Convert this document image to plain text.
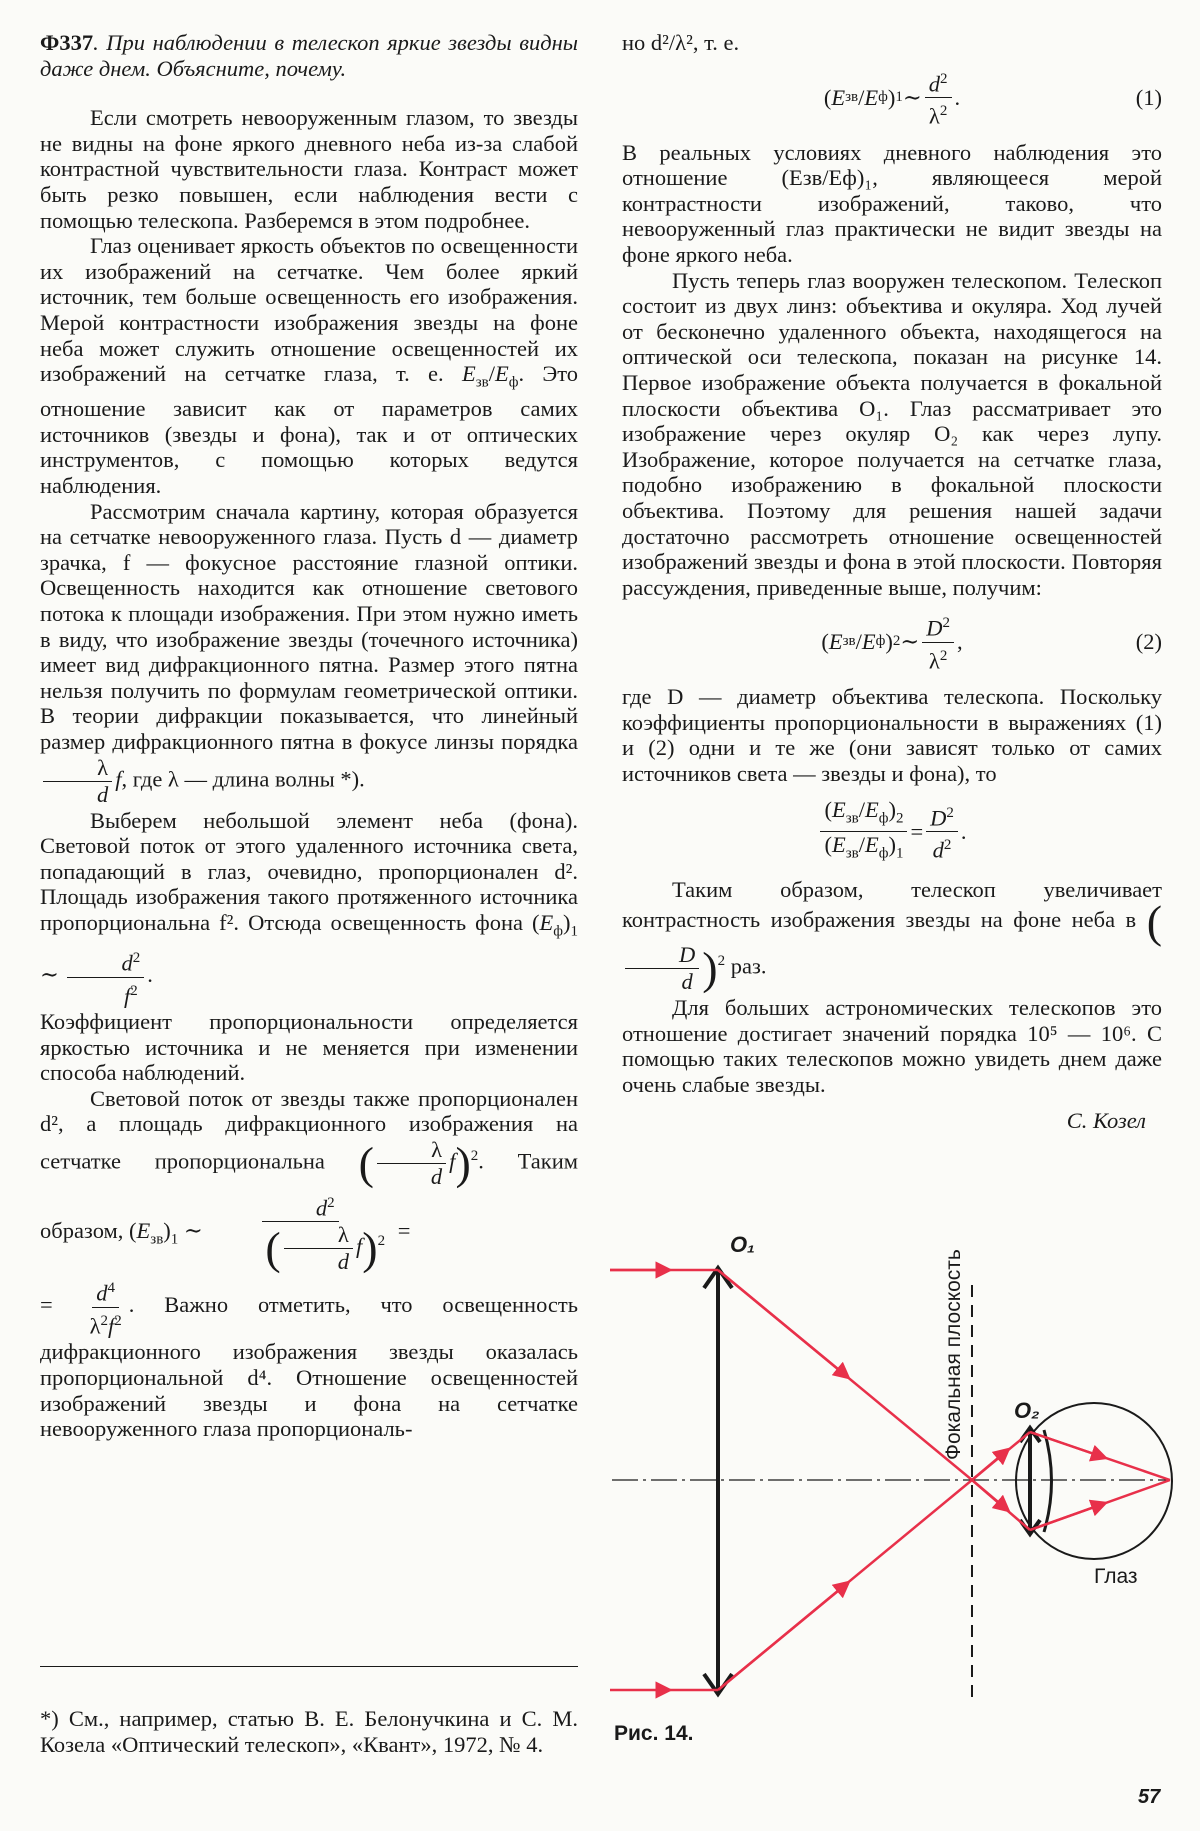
Ф337. При наблюдении в телескоп яркие звезды видны даже днем. Объясните, почему.

Если смотреть невооруженным глазом, то звезды не видны на фоне яркого дневного неба из-за слабой контрастной чувствительности глаза. Контраст может быть резко повышен, если наблюдения вести с помощью телескопа. Разберемся в этом подробнее.

Глаз оценивает яркость объектов по освещенности их изображений на сетчатке. Чем более яркий источник, тем больше освещенность его изображения. Мерой контрастности изображения звезды на фоне неба может служить отношение освещенностей их изображений на сетчатке глаза, т. е. $E_{зв}/E_ф$. Это отношение зависит как от параметров самих источников (звезды и фона), так и от оптических инструментов, с помощью которых ведутся наблюдения.

Рассмотрим сначала картину, которая образуется на сетчатке невооруженного глаза. Пусть d — диаметр зрачка, f — фокусное расстояние глазной оптики. Освещенность находится как отношение светового потока к площади изображения. При этом нужно иметь в виду, что изображение звезды (точечного источника) имеет вид дифракционного пятна. Размер этого пятна нельзя получить по формулам геометрической оптики. В теории дифракции показывается, что линейный размер дифракционного пятна в фокусе линзы порядка
$\frac{\lambda}{d} f$, где λ — длина волны *).

Выберем небольшой элемент неба (фона). Световой поток от этого удаленного источника света, попадающий в глаз, очевидно, пропорционален d². Площадь изображения такого протяженного источника пропорциональна f². Отсюда освещенность фона $(E_ф)_1$ ∼ $\frac{d^2}{f^2}$ .

Коэффициент пропорциональности определяется яркостью источника и не меняется при изменении способа наблюдений.

Световой поток от звезды также пропорционален d², а площадь дифракционного изображения на сетчатке пропорциональна ( $\frac{\lambda}{d} f)^2$. Таким образом, $(E_{зв})_1$ ∼ $\frac{d^2}{( \frac{\lambda}{d} f)^2}$ =

= $\frac{d^4}{\lambda^2f^2}$ . Важно отметить, что освещенность дифракционного изображения звезды оказалась пропорциональной d⁴. Отношение освещенностей изображений звезды и фона на сетчатке невооруженного глаза пропорциональ-

*) См., например, статью В. Е. Белонучкина и С. М. Козела «Оптический телескоп», «Квант», 1972, № 4.

но d²/λ², т. е.

( E зв / E ф ) 1 ∼ $\frac{d^2}{\lambda^2}$ .	(1)

В реальных условиях дневного наблюдения это отношение (Eзв/Eф)₁, являющееся мерой контрастности изображений, таково, что невооруженный глаз практически не видит звезды на фоне яркого неба.

Пусть теперь глаз вооружен телескопом. Телескоп состоит из двух линз: объектива и окуляра. Ход лучей от бесконечно удаленного объекта, находящегося на оптической оси телескопа, показан на рисунке 14. Первое изображение объекта получается в фокальной плоскости объектива O₁. Глаз рассматривает это изображение через окуляр O₂ как через лупу. Изображение, которое получается на сетчатке глаза, подобно изображению в фокальной плоскости объектива. Поэтому для решения нашей задачи достаточно рассмотреть отношение освещенностей изображений звезды и фона в этой плоскости. Повторяя рассуждения, приведенные выше, получим:

( E зв / E ф ) 2 ∼ $\frac{D^2}{\lambda^2}$ ,	(2)

где D — диаметр объектива телескопа. Поскольку коэффициенты пропорциональности в выражениях (1) и (2) одни и те же (они зависят только от самих источников света — звезды и фона), то

$\frac{(E_{зв}/E_ф)_2}{(E_{зв}/E_ф)_1} = \frac{D^2}{d^2}$ .

Таким образом, телескоп увеличивает контрастность изображения звезды на фоне неба в (
$\frac{D}{d} )^2$ раз.

Для больших астрономических телескопов это отношение достигает значений порядка 10⁵ — 10⁶. С помощью таких телескопов можно увидеть днем даже очень слабые звезды.

С. Козел

O₁
O₂
Фокальная плоскость
Глаз
Рис. 14.
57
